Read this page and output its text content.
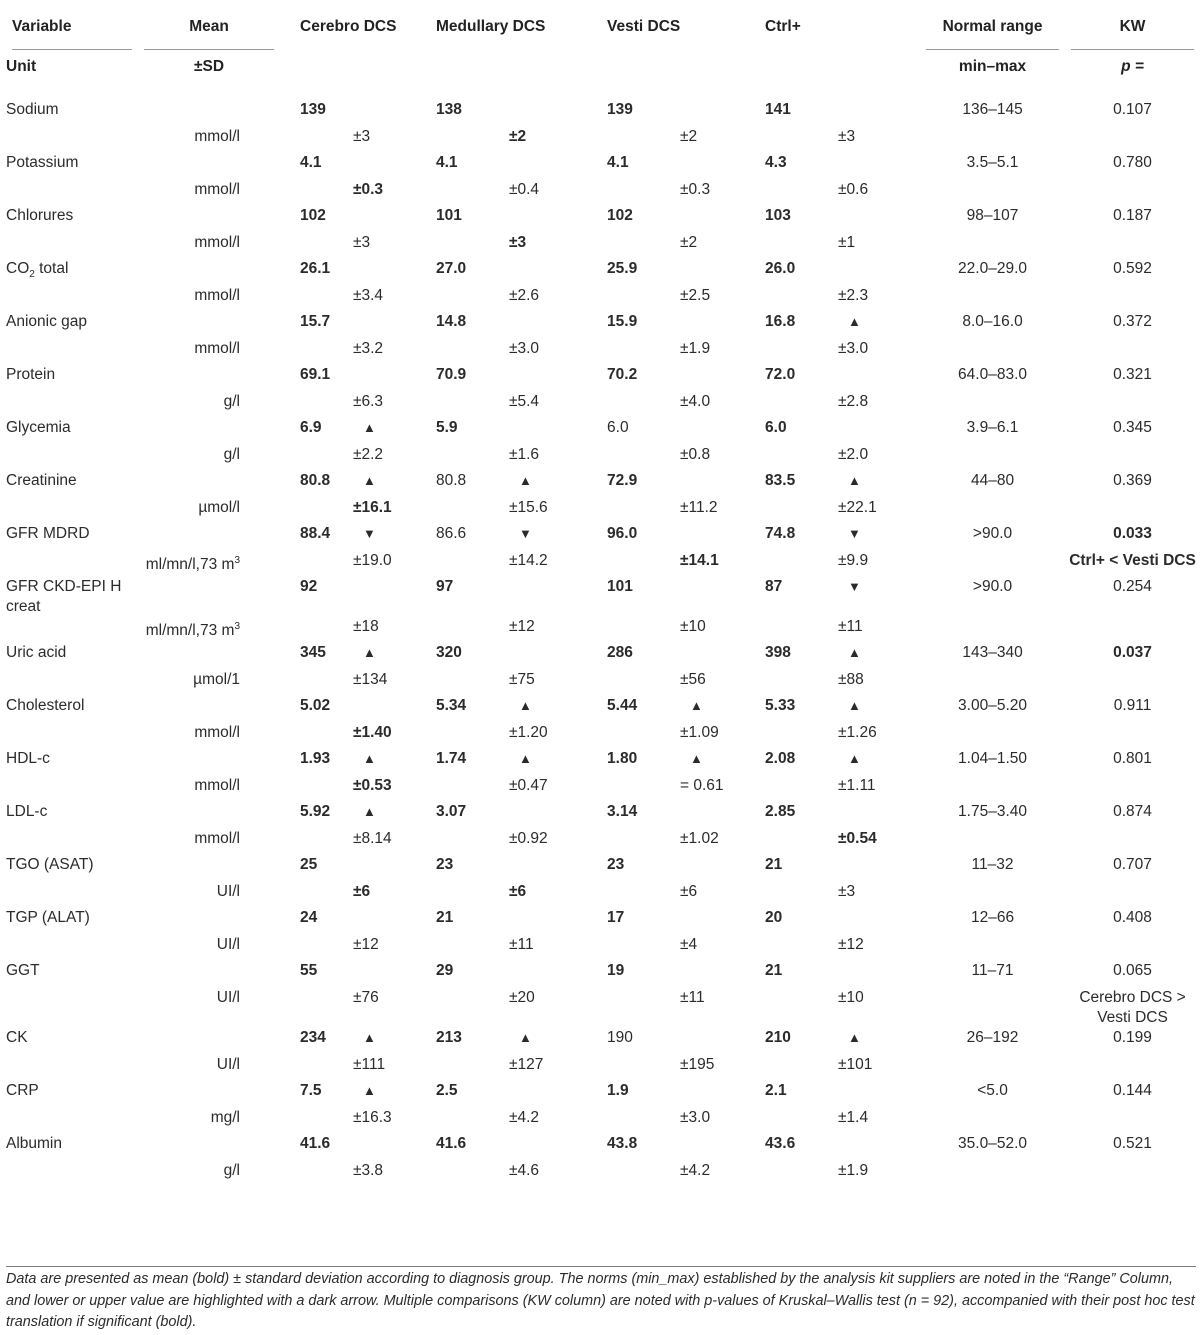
Variable	Mean	Cerebro DCS		Medullary DCS		Vesti DCS		Ctrl+		Normal range	KW

Unit	±SD									min–max	p =

Sodium		139		138		139		141		136–145	0.107
	mmol/l		±3		±2		±2		±3		
Potassium		4.1		4.1		4.1		4.3		3.5–5.1	0.780
	mmol/l		±0.3		±0.4		±0.3		±0.6		
Chlorures		102		101		102		103		98–107	0.187
	mmol/l		±3		±3		±2		±1		
$CO_2$ total		26.1		27.0		25.9		26.0		22.0–29.0	0.592
	mmol/l		±3.4		±2.6		±2.5		±2.3		
Anionic gap		15.7		14.8		15.9		16.8	▲	8.0–16.0	0.372
	mmol/l		±3.2		±3.0		±1.9		±3.0		
Protein		69.1		70.9		70.2		72.0		64.0–83.0	0.321
	g/l		±6.3		±5.4		±4.0		±2.8		
Glycemia		6.9	▲	5.9		6.0		6.0		3.9–6.1	0.345
	g/l		±2.2		±1.6		±0.8		±2.0		
Creatinine		80.8	▲	80.8	▲	72.9		83.5	▲	44–80	0.369
	µmol/l		±16.1		±15.6		±11.2		±22.1		
GFR MDRD		88.4	▼	86.6	▼	96.0		74.8	▼	>90.0	0.033
	ml/mn/l,73 $m^3$		±19.0		±14.2		±14.1		±9.9		Ctrl+ < Vesti DCS
GFR CKD-EPI H creat		92		97		101		87	▼	>90.0	0.254
	ml/mn/l,73 $m^3$		±18		±12		±10		±11		
Uric acid		345	▲	320		286		398	▲	143–340	0.037
	µmol/1		±134		±75		±56		±88		
Cholesterol		5.02		5.34	▲	5.44	▲	5.33	▲	3.00–5.20	0.911
	mmol/l		±1.40		±1.20		±1.09		±1.26		
HDL-c		1.93	▲	1.74	▲	1.80	▲	2.08	▲	1.04–1.50	0.801
	mmol/l		±0.53		±0.47		= 0.61		±1.11		
LDL-c		5.92	▲	3.07		3.14		2.85		1.75–3.40	0.874
	mmol/l		±8.14		±0.92		±1.02		±0.54		
TGO (ASAT)		25		23		23		21		11–32	0.707
	UI/l		±6		±6		±6		±3		
TGP (ALAT)		24		21		17		20		12–66	0.408
	UI/l		±12		±11		±4		±12		
GGT		55		29		19		21		11–71	0.065
	UI/l		±76		±20		±11		±10		Cerebro DCS > Vesti DCS
CK		234	▲	213	▲	190		210	▲	26–192	0.199
	UI/l		±111		±127		±195		±101		
CRP		7.5	▲	2.5		1.9		2.1		<5.0	0.144
	mg/l		±16.3		±4.2		±3.0		±1.4		
Albumin		41.6		41.6		43.8		43.6		35.0–52.0	0.521
	g/l		±3.8		±4.6		±4.2		±1.9		
Data are presented as mean (bold) ± standard deviation according to diagnosis group. The norms (min_max) established by the analysis kit suppliers are noted in the “Range” Column, and lower or upper value are highlighted with a dark arrow. Multiple comparisons (KW column) are noted with p-values of Kruskal–Wallis test (n = 92), accompanied with their post hoc test translation if significant (bold).
